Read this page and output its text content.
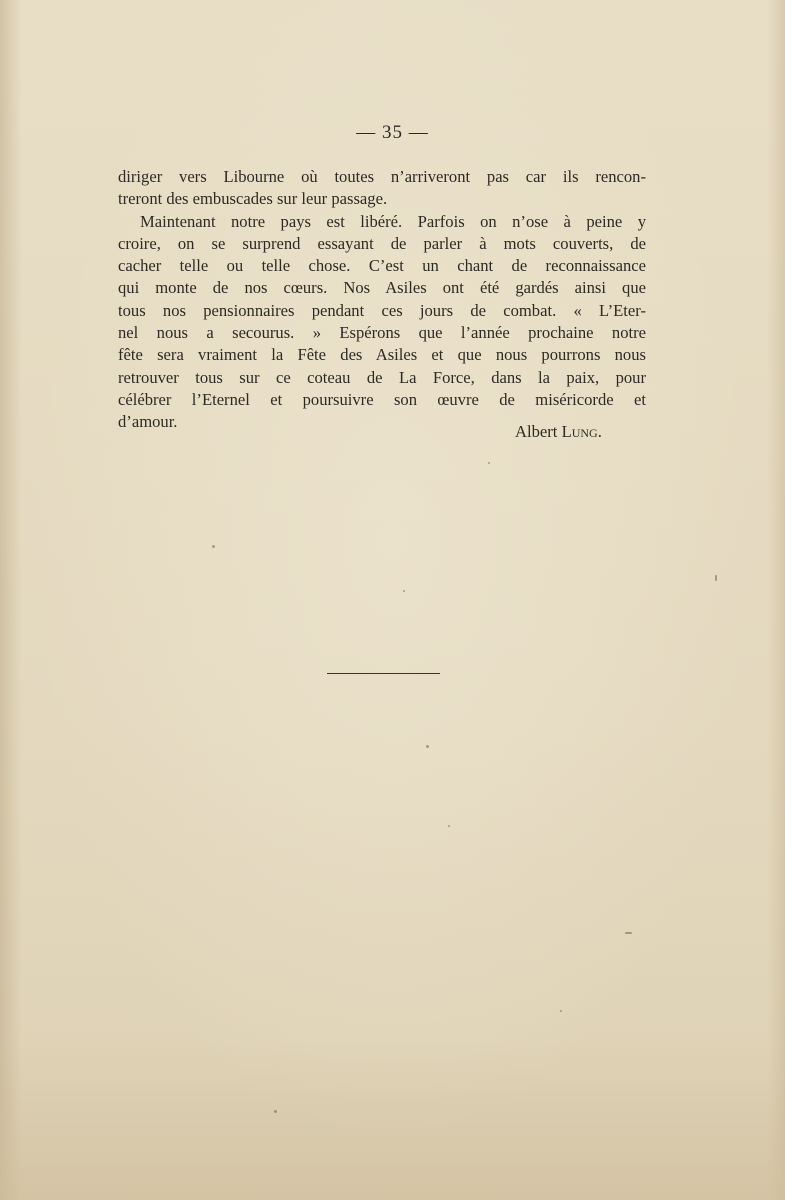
— 35 —
diriger vers Libourne où toutes n’arriveront pas car ils rencon-
treront des embuscades sur leur passage.
Maintenant notre pays est libéré. Parfois on n’ose à peine y
croire, on se surprend essayant de parler à mots couverts, de
cacher telle ou telle chose. C’est un chant de reconnaissance
qui monte de nos cœurs. Nos Asiles ont été gardés ainsi que
tous nos pensionnaires pendant ces jours de combat. « L’Eter-
nel nous a secourus. » Espérons que l’année prochaine notre
fête sera vraiment la Fête des Asiles et que nous pourrons nous
retrouver tous sur ce coteau de La Force, dans la paix, pour
célébrer l’Eternel et poursuivre son œuvre de miséricorde et
d’amour.
Albert Lung.
